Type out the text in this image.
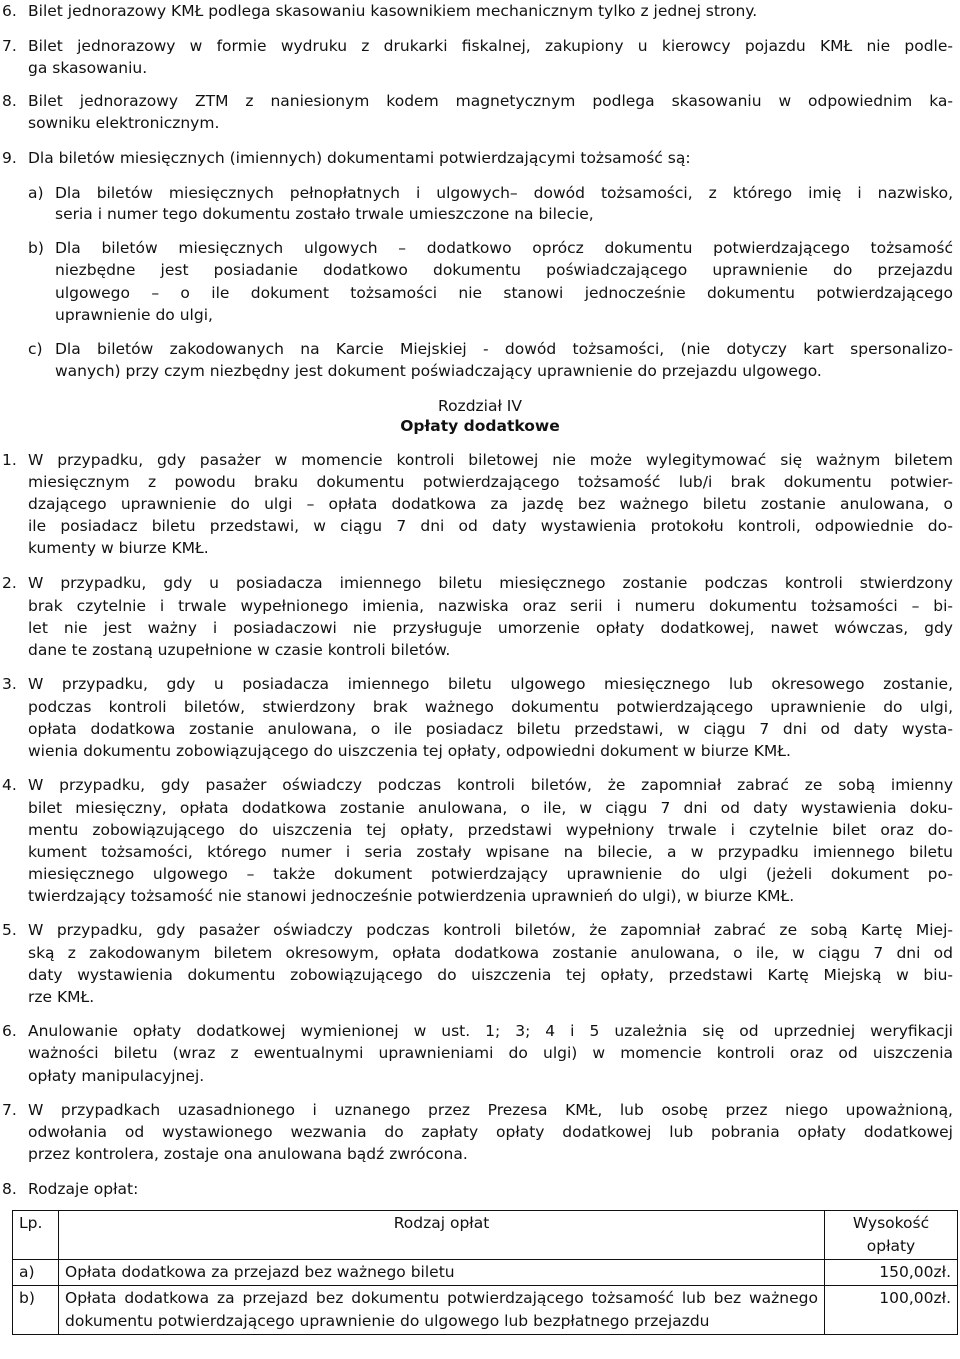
6. Bilet jednorazowy KMŁ podlega skasowaniu kasownikiem mechanicznym tylko z jednej strony.
7. Bilet jednorazowy w formie wydruku z drukarki fiskalnej, zakupiony u kierowcy pojazdu KMŁ nie podle-
ga skasowaniu.
8. Bilet jednorazowy ZTM z naniesionym kodem magnetycznym podlega skasowaniu w odpowiednim ka-
sowniku elektronicznym.
9. Dla biletów miesięcznych (imiennych) dokumentami potwierdzającymi tożsamość są:
a) Dla biletów miesięcznych pełnopłatnych i ulgowych– dowód tożsamości, z którego imię i nazwisko,
seria i numer tego dokumentu zostało trwale umieszczone na bilecie,
b) Dla biletów miesięcznych ulgowych – dodatkowo oprócz dokumentu potwierdzającego tożsamość
niezbędne jest posiadanie dodatkowo dokumentu poświadczającego uprawnienie do przejazdu
ulgowego – o ile dokument tożsamości nie stanowi jednocześnie dokumentu potwierdzającego
uprawnienie do ulgi,
c) Dla biletów zakodowanych na Karcie Miejskiej - dowód tożsamości, (nie dotyczy kart spersonalizo-
wanych) przy czym niezbędny jest dokument poświadczający uprawnienie do przejazdu ulgowego.
Rozdział IV
Opłaty dodatkowe
1. W przypadku, gdy pasażer w momencie kontroli biletowej nie może wylegitymować się ważnym biletem
miesięcznym z powodu braku dokumentu potwierdzającego tożsamość lub/i brak dokumentu potwier-
dzającego uprawnienie do ulgi – opłata dodatkowa za jazdę bez ważnego biletu zostanie anulowana, o
ile posiadacz biletu przedstawi, w ciągu 7 dni od daty wystawienia protokołu kontroli, odpowiednie do-
kumenty w biurze KMŁ.
2. W przypadku, gdy u posiadacza imiennego biletu miesięcznego zostanie podczas kontroli stwierdzony
brak czytelnie i trwale wypełnionego imienia, nazwiska oraz serii i numeru dokumentu tożsamości – bi-
let nie jest ważny i posiadaczowi nie przysługuje umorzenie opłaty dodatkowej, nawet wówczas, gdy
dane te zostaną uzupełnione w czasie kontroli biletów.
3. W przypadku, gdy u posiadacza imiennego biletu ulgowego miesięcznego lub okresowego zostanie,
podczas kontroli biletów, stwierdzony brak ważnego dokumentu potwierdzającego uprawnienie do ulgi,
opłata dodatkowa zostanie anulowana, o ile posiadacz biletu przedstawi, w ciągu 7 dni od daty wysta-
wienia dokumentu zobowiązującego do uiszczenia tej opłaty, odpowiedni dokument w biurze KMŁ.
4. W przypadku, gdy pasażer oświadczy podczas kontroli biletów, że zapomniał zabrać ze sobą imienny
bilet miesięczny, opłata dodatkowa zostanie anulowana, o ile, w ciągu 7 dni od daty wystawienia doku-
mentu zobowiązującego do uiszczenia tej opłaty, przedstawi wypełniony trwale i czytelnie bilet oraz do-
kument tożsamości, którego numer i seria zostały wpisane na bilecie, a w przypadku imiennego biletu
miesięcznego ulgowego – także dokument potwierdzający uprawnienie do ulgi (jeżeli dokument po-
twierdzający tożsamość nie stanowi jednocześnie potwierdzenia uprawnień do ulgi), w biurze KMŁ.
5. W przypadku, gdy pasażer oświadczy podczas kontroli biletów, że zapomniał zabrać ze sobą Kartę Miej-
ską z zakodowanym biletem okresowym, opłata dodatkowa zostanie anulowana, o ile, w ciągu 7 dni od
daty wystawienia dokumentu zobowiązującego do uiszczenia tej opłaty, przedstawi Kartę Miejską w biu-
rze KMŁ.
6. Anulowanie opłaty dodatkowej wymienionej w ust. 1; 3; 4 i 5 uzależnia się od uprzedniej weryfikacji
ważności biletu (wraz z ewentualnymi uprawnieniami do ulgi) w momencie kontroli oraz od uiszczenia
opłaty manipulacyjnej.
7. W przypadkach uzasadnionego i uznanego przez Prezesa KMŁ, lub osobę przez niego upoważnioną,
odwołania od wystawionego wezwania do zapłaty opłaty dodatkowej lub pobrania opłaty dodatkowej
przez kontrolera, zostaje ona anulowana bądź zwrócona.
8. Rodzaje opłat:
Lp.	Rodzaj opłat	Wysokość opłaty
a)	Opłata dodatkowa za przejazd bez ważnego biletu	150,00zł.
b)	Opłata dodatkowa za przejazd bez dokumentu potwierdzającego tożsamość lub bez ważnego dokumentu potwierdzającego uprawnienie do ulgowego lub bezpłatnego przejazdu	100,00zł.
